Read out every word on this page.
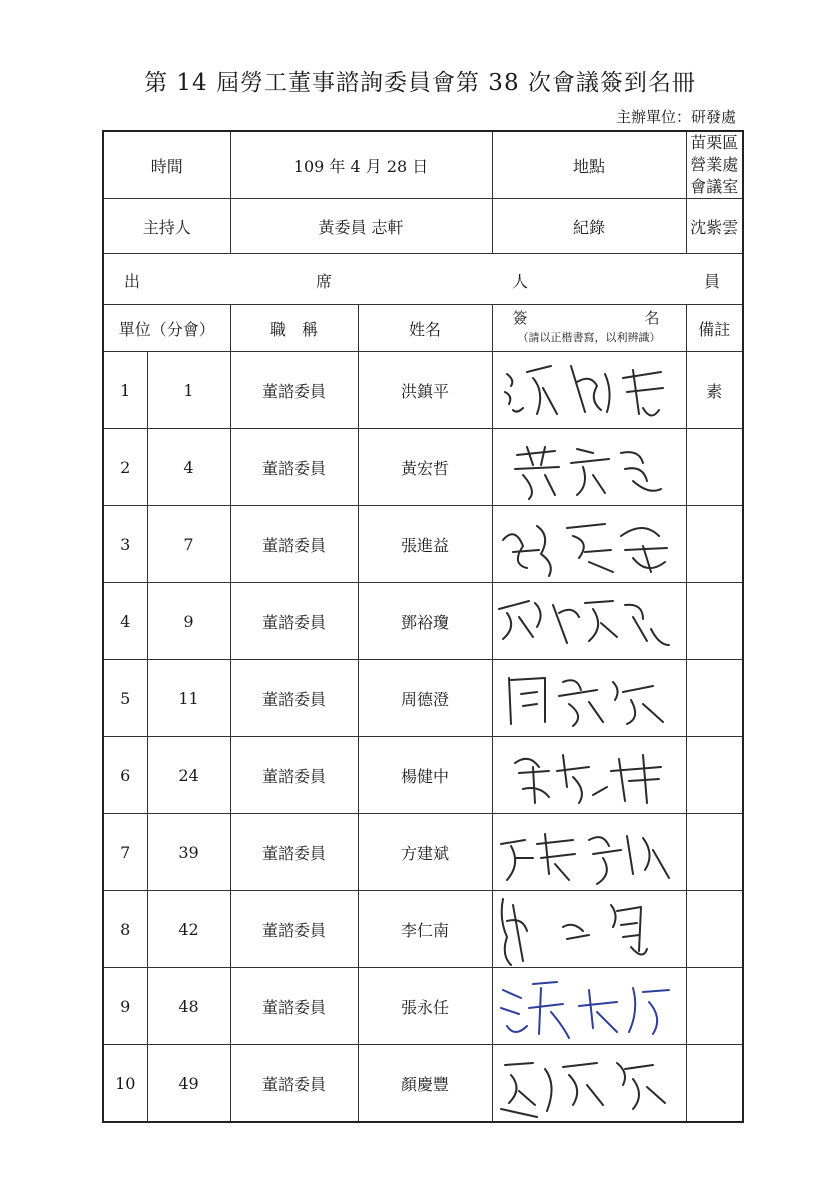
第 14 屆勞工董事諮詢委員會第 38 次會議簽到名冊
主辦單位：研發處
時間		109 年 4 月 28 日		地點	苗栗區營業處
會議室

主持人		黃委員 志軒		紀錄	沈紫雲

出 席 人 員					

單位（分會）		職　稱	姓名	簽 名
（請以正楷書寫，以利辨識）	備註
1	1	董諮委員	洪鎮平		素
2	4	董諮委員	黃宏哲	

3	7	董諮委員	張進益	

4	9	董諮委員	鄧裕瓊	

5	11	董諮委員	周德澄	

6	24	董諮委員	楊健中	

7	39	董諮委員	方建斌	

8	42	董諮委員	李仁南	

9	48	董諮委員	張永任	

10	49	董諮委員	顏慶豐	
